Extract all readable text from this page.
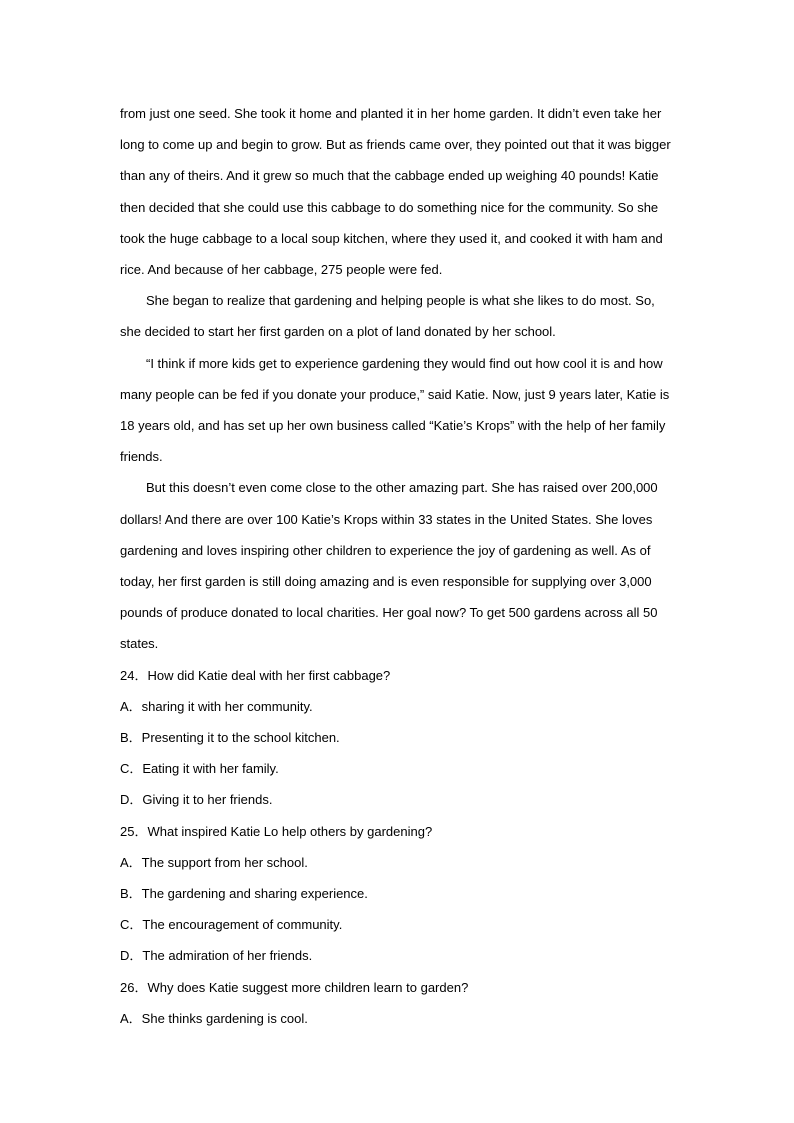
from just one seed. She took it home and planted it in her home garden. It didn’t even take her long to come up and begin to grow. But as friends came over, they pointed out that it was bigger than any of theirs. And it grew so much that the cabbage ended up weighing 40 pounds! Katie then decided that she could use this cabbage to do something nice for the community. So she took the huge cabbage to a local soup kitchen, where they used it, and cooked it with ham and rice. And because of her cabbage, 275 people were fed.

She began to realize that gardening and helping people is what she likes to do most. So, she decided to start her first garden on a plot of land donated by her school.

“I think if more kids get to experience gardening they would find out how cool it is and how many people can be fed if you donate your produce,” said Katie. Now, just 9 years later, Katie is 18 years old, and has set up her own business called “Katie’s Krops” with the help of her family friends.

But this doesn’t even come close to the other amazing part. She has raised over 200,000 dollars! And there are over 100 Katie’s Krops within 33 states in the United States. She loves gardening and loves inspiring other children to experience the joy of gardening as well. As of today, her first garden is still doing amazing and is even responsible for supplying over 3,000 pounds of produce donated to local charities. Her goal now? To get 500 gardens across all 50 states.

24．How did Katie deal with her first cabbage?

A．sharing it with her community.

B．Presenting it to the school kitchen.

C．Eating it with her family.

D．Giving it to her friends.

25．What inspired Katie Lo help others by gardening?

A．The support from her school.

B．The gardening and sharing experience.

C．The encouragement of community.

D．The admiration of her friends.

26．Why does Katie suggest more children learn to garden?

A．She thinks gardening is cool.
